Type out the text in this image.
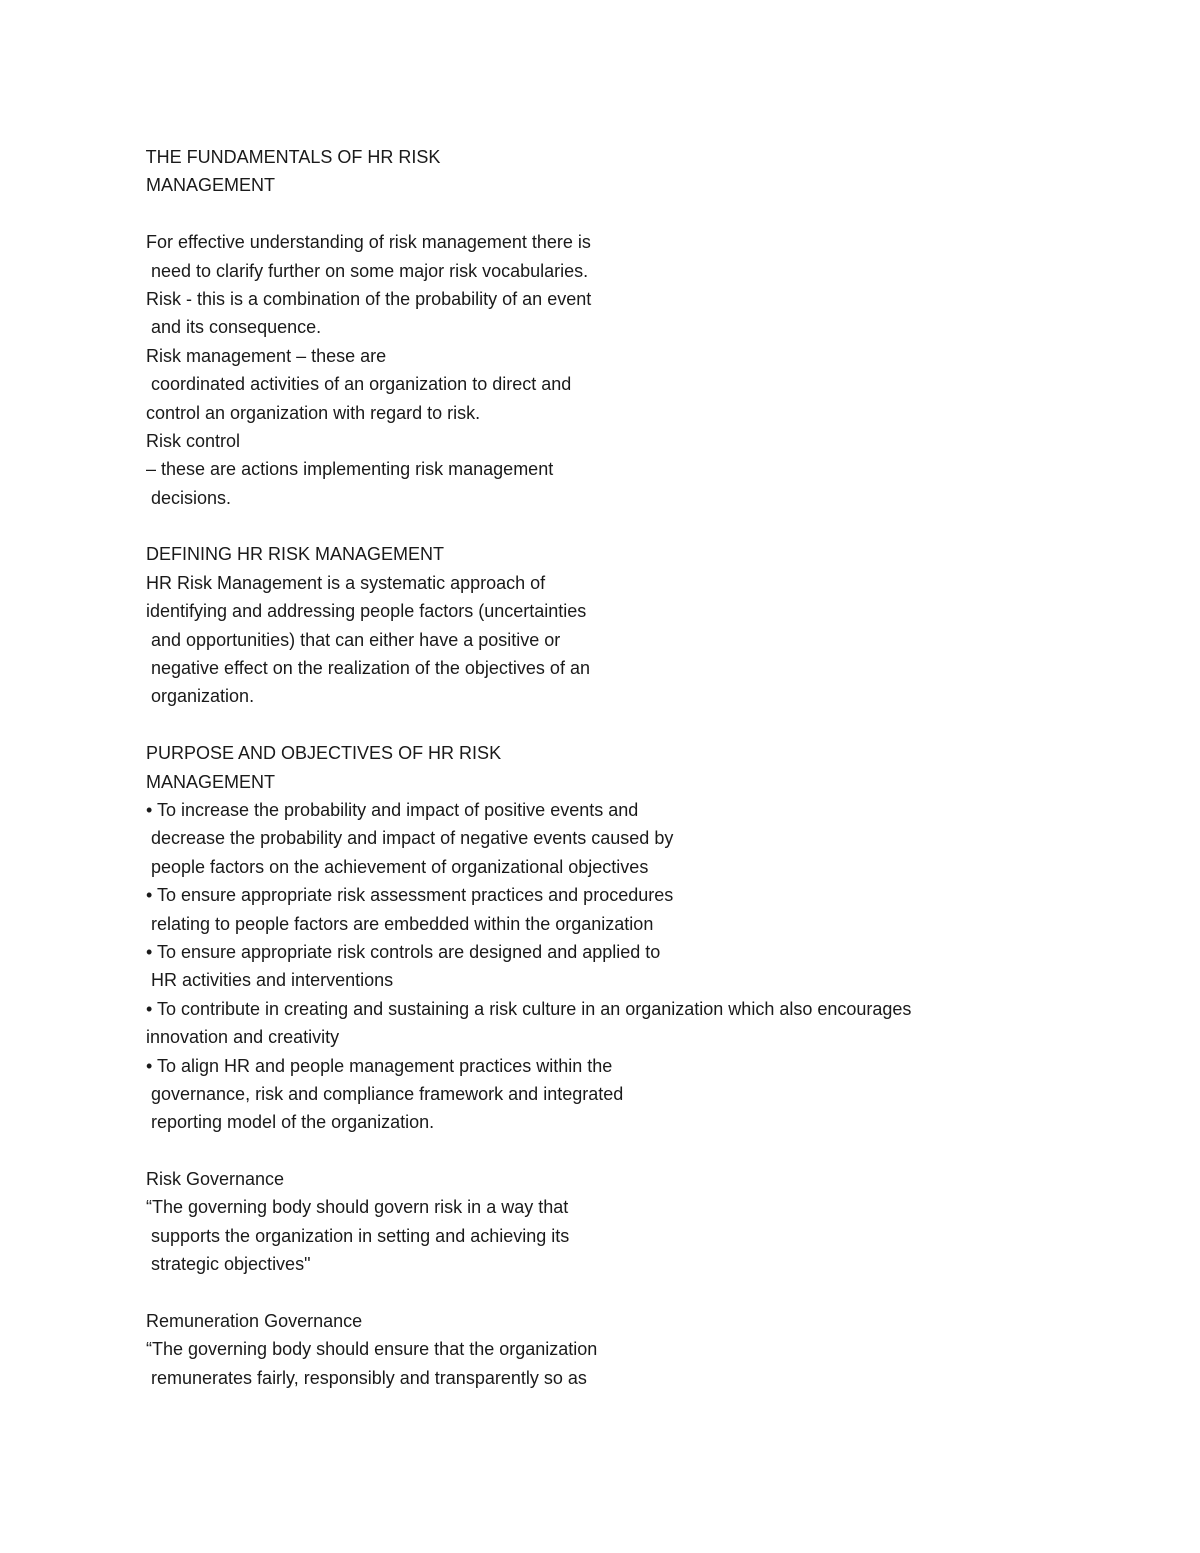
THE FUNDAMENTALS OF HR RISK
MANAGEMENT
For effective understanding of risk management there is
need to clarify further on some major risk vocabularies.
Risk - this is a combination of the probability of an event
and its consequence.
Risk management – these are
coordinated activities of an organization to direct and
control an organization with regard to risk.
Risk control
– these are actions implementing risk management
decisions.
DEFINING HR RISK MANAGEMENT
HR Risk Management is a systematic approach of
identifying and addressing people factors (uncertainties
and opportunities) that can either have a positive or
negative effect on the realization of the objectives of an
organization.
PURPOSE AND OBJECTIVES OF HR RISK
MANAGEMENT
• To increase the probability and impact of positive events and
decrease the probability and impact of negative events caused by
people factors on the achievement of organizational objectives
• To ensure appropriate risk assessment practices and procedures
relating to people factors are embedded within the organization
• To ensure appropriate risk controls are designed and applied to
HR activities and interventions
• To contribute in creating and sustaining a risk culture in an organization which also encourages
innovation and creativity
• To align HR and people management practices within the
governance, risk and compliance framework and integrated
reporting model of the organization.
Risk Governance
“The governing body should govern risk in a way that
supports the organization in setting and achieving its
strategic objectives"
Remuneration Governance
“The governing body should ensure that the organization
remunerates fairly, responsibly and transparently so as
